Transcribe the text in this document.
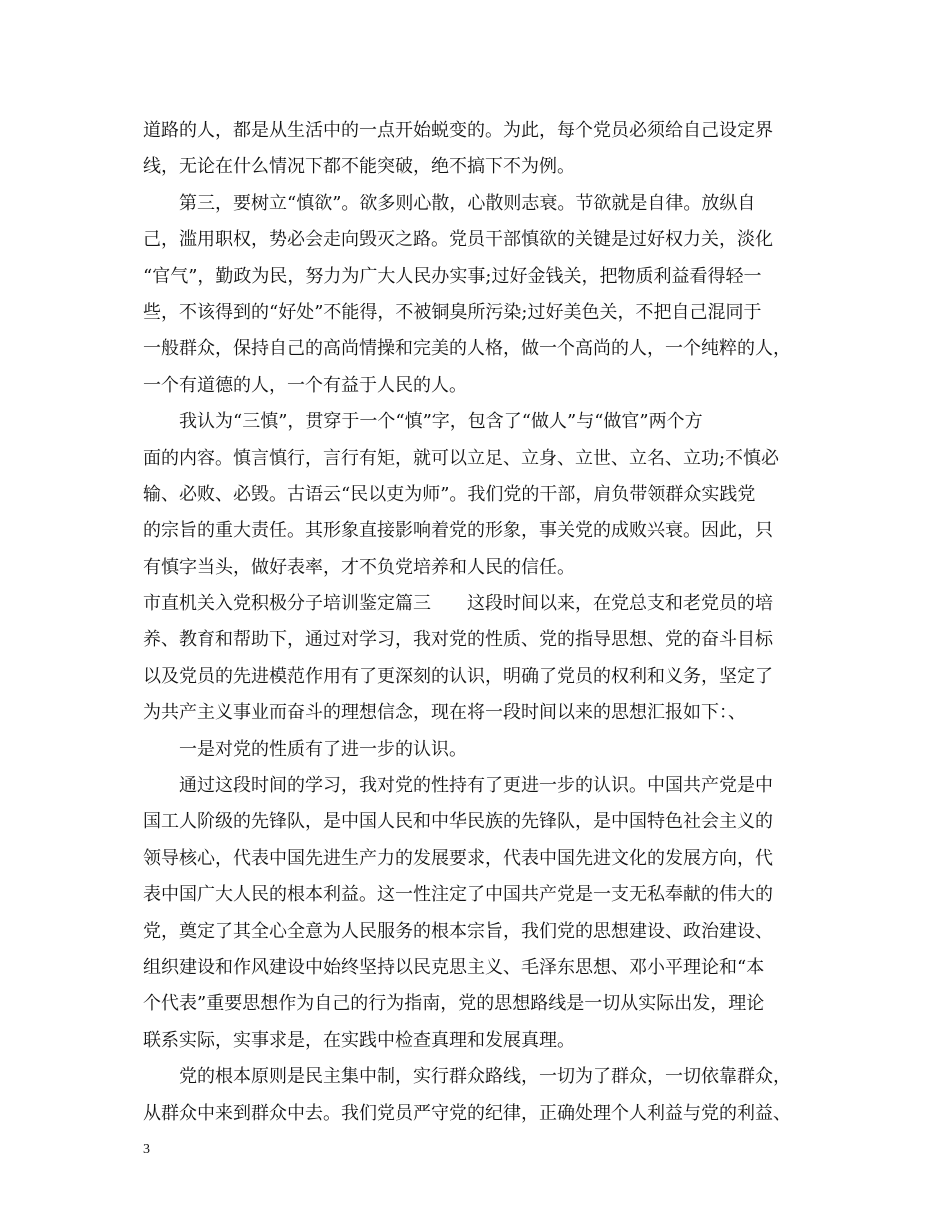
道路的人，都是从生活中的一点开始蜕变的。为此，每个党员必须给自己设定界
线，无论在什么情况下都不能突破，绝不搞下不为例。
第三，要树立“慎欲”。欲多则心散，心散则志衰。节欲就是自律。放纵自
己，滥用职权，势必会走向毁灭之路。党员干部慎欲的关键是过好权力关，淡化
“官气”，勤政为民，努力为广大人民办实事;过好金钱关，把物质利益看得轻一
些，不该得到的“好处”不能得，不被铜臭所污染;过好美色关，不把自己混同于
一般群众，保持自己的高尚情操和完美的人格，做一个高尚的人，一个纯粹的人，
一个有道德的人，一个有益于人民的人。
我认为“三慎”，贯穿于一个“慎”字，包含了“做人”与“做官”两个方
面的内容。慎言慎行，言行有矩，就可以立足、立身、立世、立名、立功;不慎必
输、必败、必毁。古语云“民以吏为师”。我们党的干部，肩负带领群众实践党
的宗旨的重大责任。其形象直接影响着党的形象，事关党的成败兴衰。因此，只
有慎字当头，做好表率，才不负党培养和人民的信任。
市直机关入党积极分子培训鉴定篇三　　这段时间以来，在党总支和老党员的培
养、教育和帮助下，通过对学习，我对党的性质、党的指导思想、党的奋斗目标
以及党员的先进模范作用有了更深刻的认识，明确了党员的权利和义务，坚定了
为共产主义事业而奋斗的理想信念，现在将一段时间以来的思想汇报如下：、
一是对党的性质有了进一步的认识。
通过这段时间的学习，我对党的性持有了更进一步的认识。中国共产党是中
国工人阶级的先锋队，是中国人民和中华民族的先锋队，是中国特色社会主义的
领导核心，代表中国先进生产力的发展要求，代表中国先进文化的发展方向，代
表中国广大人民的根本利益。这一性注定了中国共产党是一支无私奉献的伟大的
党，奠定了其全心全意为人民服务的根本宗旨，我们党的思想建设、政治建设、
组织建设和作风建设中始终坚持以民克思主义、毛泽东思想、邓小平理论和“本
个代表”重要思想作为自己的行为指南，党的思想路线是一切从实际出发，理论
联系实际，实事求是，在实践中检查真理和发展真理。
党的根本原则是民主集中制，实行群众路线，一切为了群众，一切依靠群众，
从群众中来到群众中去。我们党员严守党的纪律，正确处理个人利益与党的利益、
3
